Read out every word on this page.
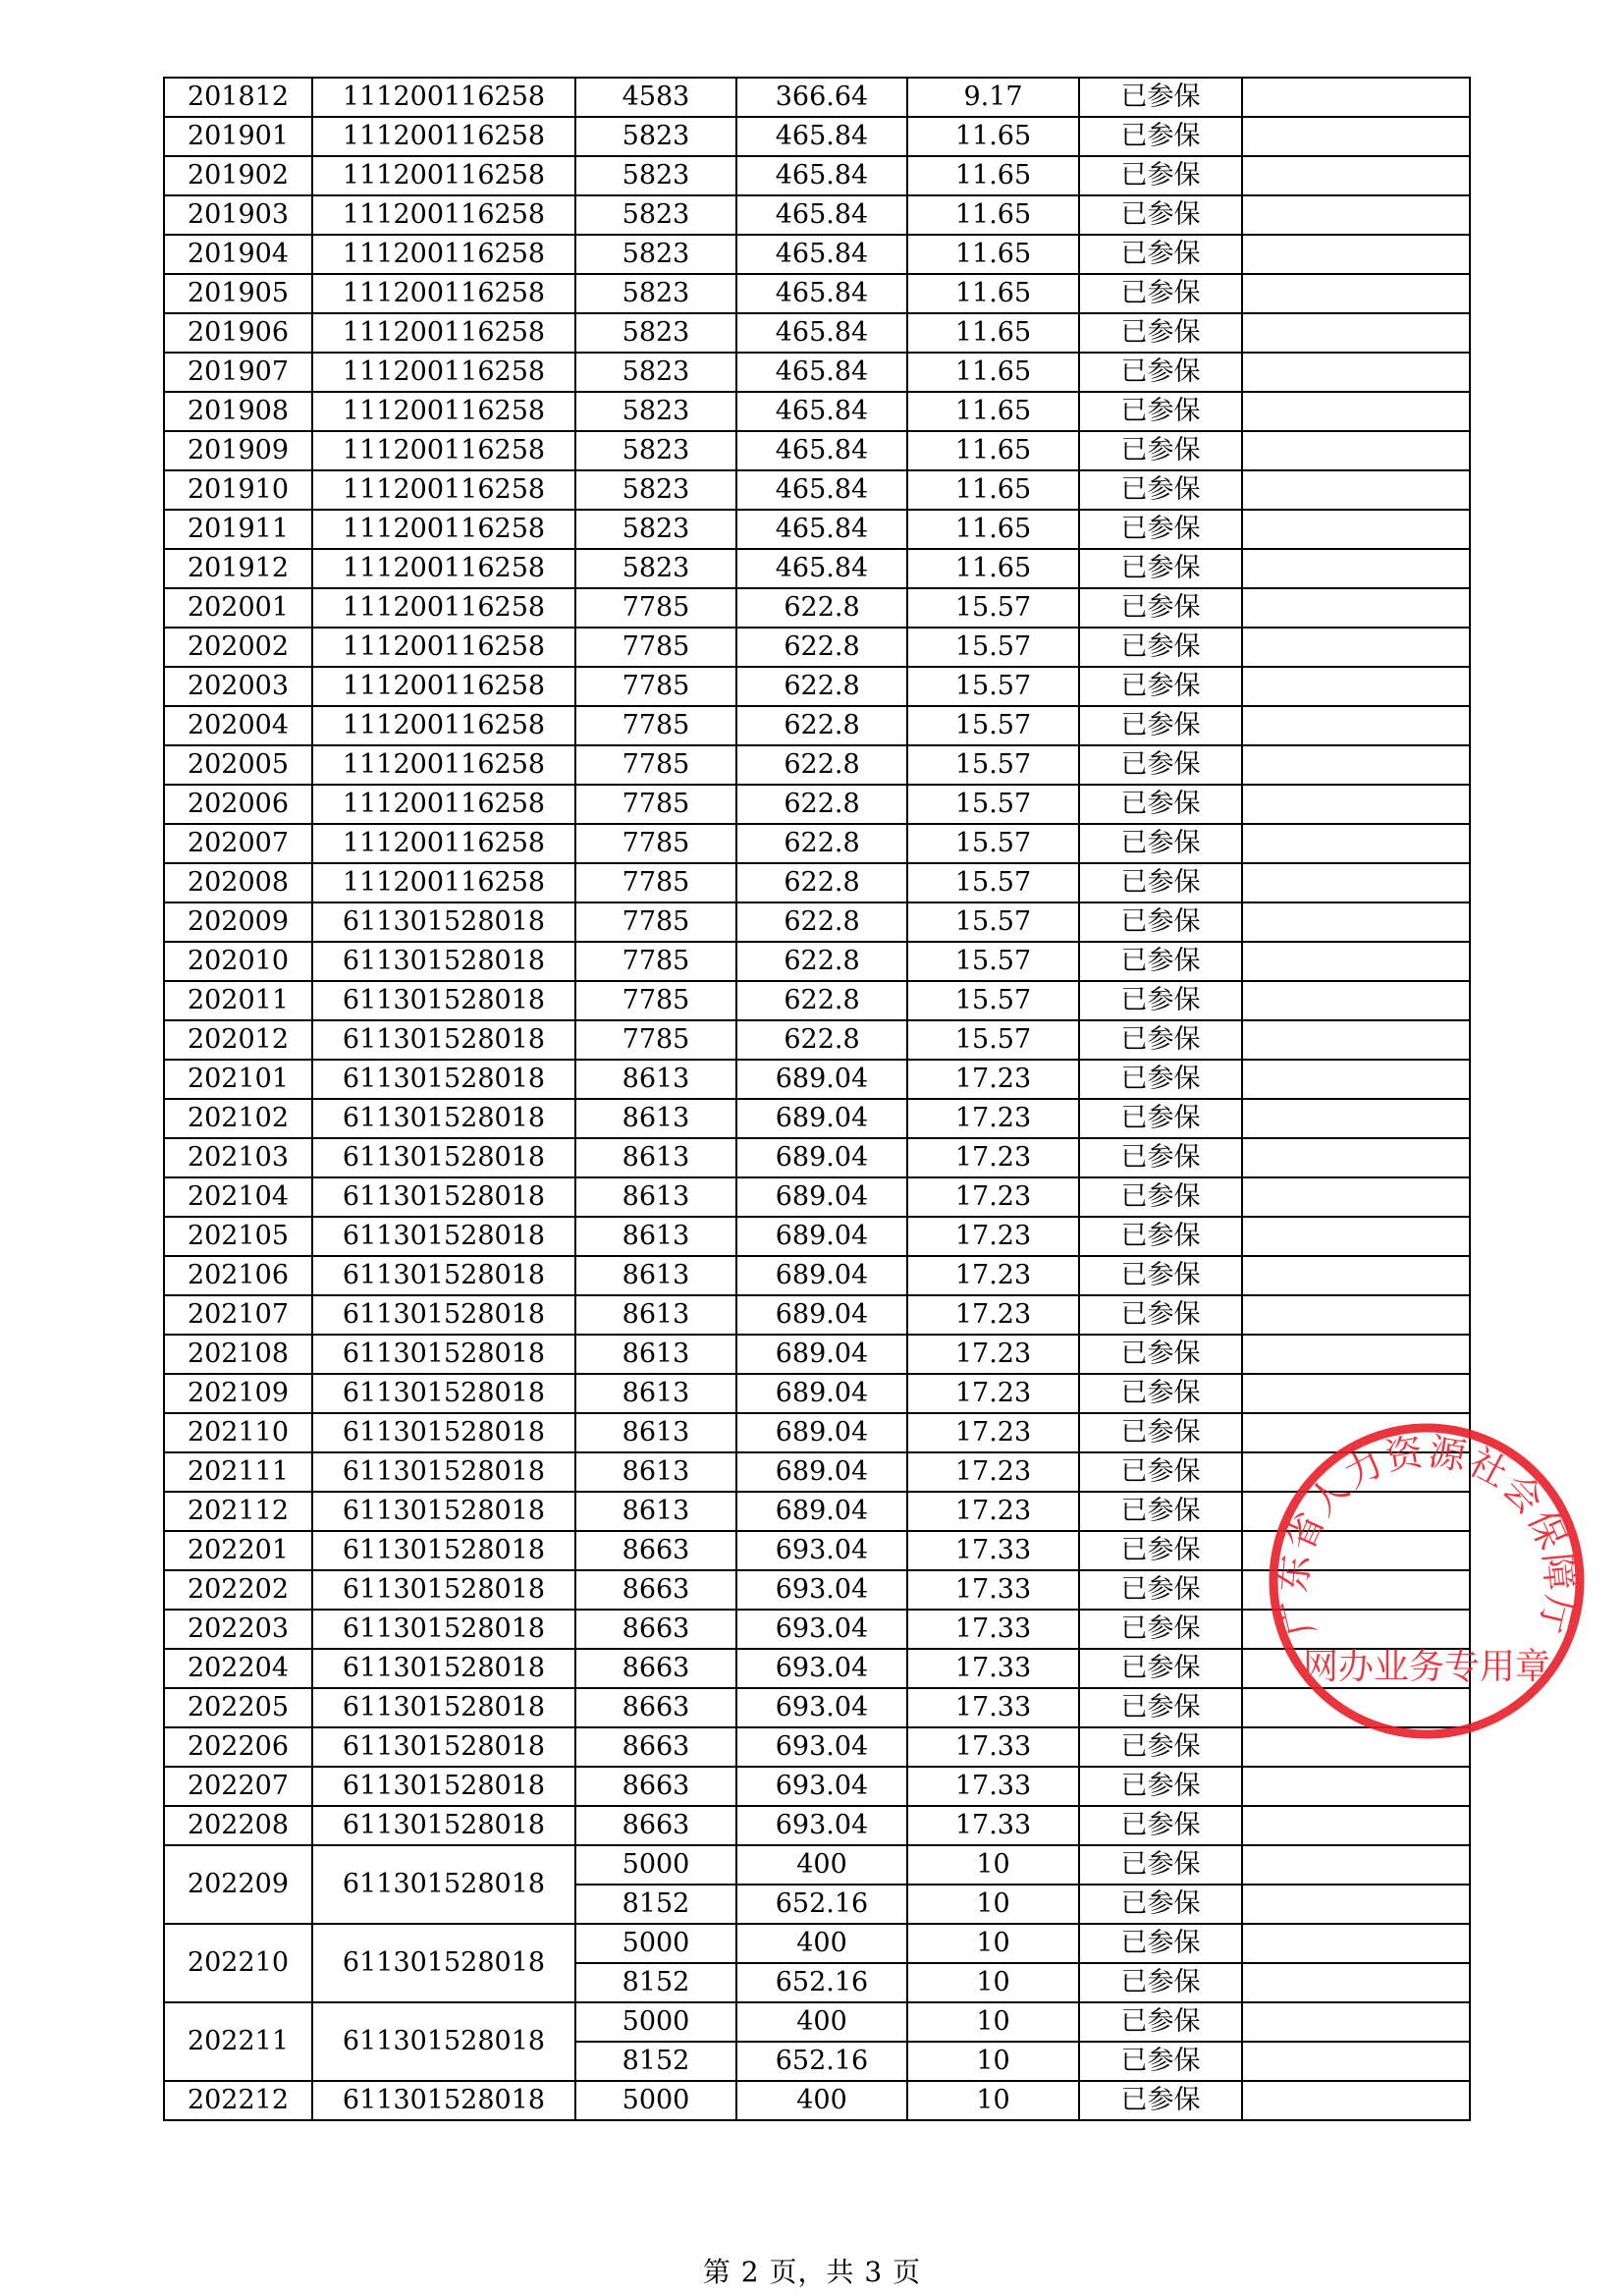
201812	111200116258	4583	366.64	9.17	已参保	
201901	111200116258	5823	465.84	11.65	已参保	
201902	111200116258	5823	465.84	11.65	已参保	
201903	111200116258	5823	465.84	11.65	已参保	
201904	111200116258	5823	465.84	11.65	已参保	
201905	111200116258	5823	465.84	11.65	已参保	
201906	111200116258	5823	465.84	11.65	已参保	
201907	111200116258	5823	465.84	11.65	已参保	
201908	111200116258	5823	465.84	11.65	已参保	
201909	111200116258	5823	465.84	11.65	已参保	
201910	111200116258	5823	465.84	11.65	已参保	
201911	111200116258	5823	465.84	11.65	已参保	
201912	111200116258	5823	465.84	11.65	已参保	
202001	111200116258	7785	622.8	15.57	已参保	
202002	111200116258	7785	622.8	15.57	已参保	
202003	111200116258	7785	622.8	15.57	已参保	
202004	111200116258	7785	622.8	15.57	已参保	
202005	111200116258	7785	622.8	15.57	已参保	
202006	111200116258	7785	622.8	15.57	已参保	
202007	111200116258	7785	622.8	15.57	已参保	
202008	111200116258	7785	622.8	15.57	已参保	
202009	611301528018	7785	622.8	15.57	已参保	
202010	611301528018	7785	622.8	15.57	已参保	
202011	611301528018	7785	622.8	15.57	已参保	
202012	611301528018	7785	622.8	15.57	已参保	
202101	611301528018	8613	689.04	17.23	已参保	
202102	611301528018	8613	689.04	17.23	已参保	
202103	611301528018	8613	689.04	17.23	已参保	
202104	611301528018	8613	689.04	17.23	已参保	
202105	611301528018	8613	689.04	17.23	已参保	
202106	611301528018	8613	689.04	17.23	已参保	
202107	611301528018	8613	689.04	17.23	已参保	
202108	611301528018	8613	689.04	17.23	已参保	
202109	611301528018	8613	689.04	17.23	已参保	
202110	611301528018	8613	689.04	17.23	已参保	
202111	611301528018	8613	689.04	17.23	已参保	
202112	611301528018	8613	689.04	17.23	已参保	
202201	611301528018	8663	693.04	17.33	已参保	
202202	611301528018	8663	693.04	17.33	已参保	
202203	611301528018	8663	693.04	17.33	已参保	
202204	611301528018	8663	693.04	17.33	已参保	
202205	611301528018	8663	693.04	17.33	已参保	
202206	611301528018	8663	693.04	17.33	已参保	
202207	611301528018	8663	693.04	17.33	已参保	
202208	611301528018	8663	693.04	17.33	已参保	
202209	611301528018	5000	400	10	已参保	
		8152	652.16	10	已参保	
202210	611301528018	5000	400	10	已参保	
		8152	652.16	10	已参保	
202211	611301528018	5000	400	10	已参保	
		8152	652.16	10	已参保	
202212	611301528018	5000	400	10	已参保	
广东省人力资源社会保障厅
网办业务专用章
第 2 页，共 3 页
